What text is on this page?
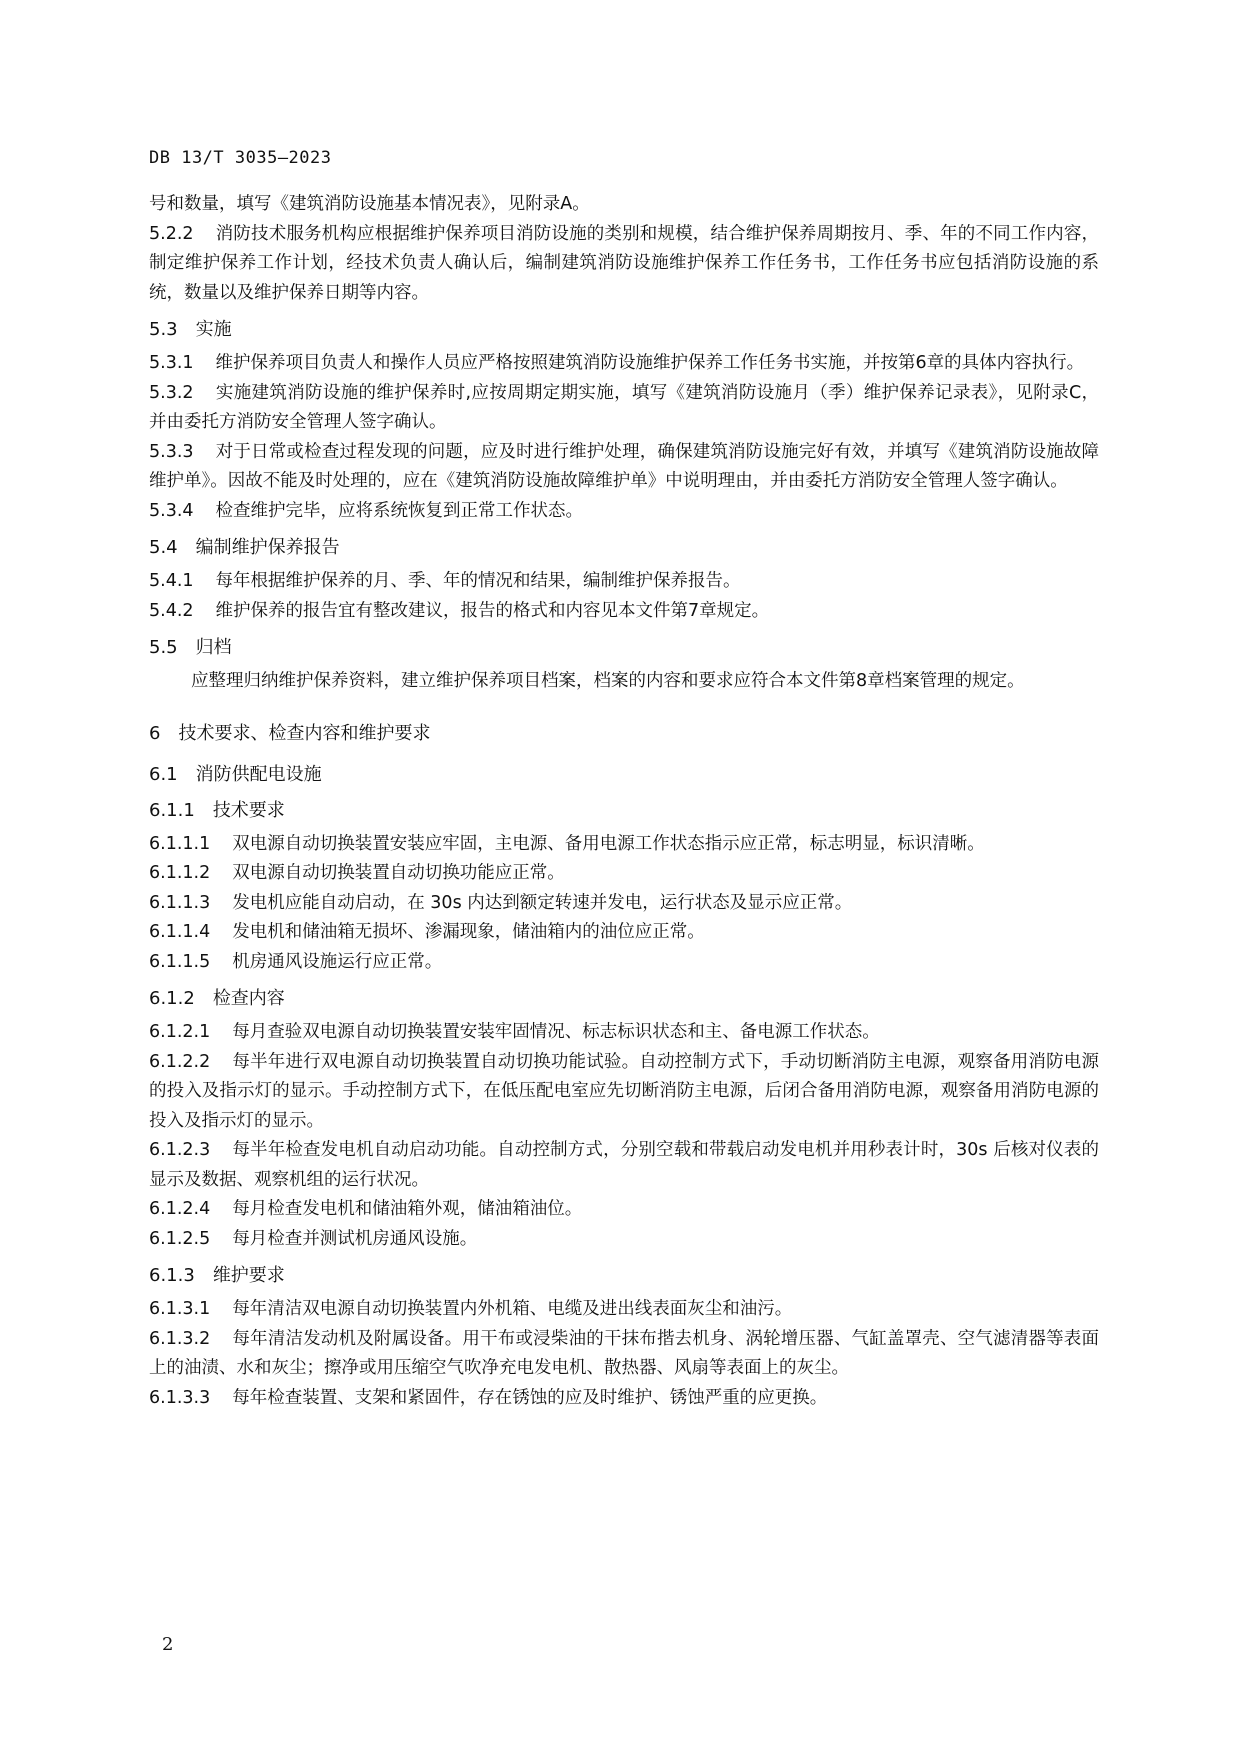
DB 13/T 3035—2023

号和数量，填写《建筑消防设施基本情况表》，见附录A。

5.2.2 消防技术服务机构应根据维护保养项目消防设施的类别和规模，结合维护保养周期按月、季、年的不同工作内容，制定维护保养工作计划，经技术负责人确认后，编制建筑消防设施维护保养工作任务书，工作任务书应包括消防设施的系统，数量以及维护保养日期等内容。

5.3 实施

5.3.1 维护保养项目负责人和操作人员应严格按照建筑消防设施维护保养工作任务书实施，并按第6章的具体内容执行。

5.3.2 实施建筑消防设施的维护保养时,应按周期定期实施，填写《建筑消防设施月（季）维护保养记录表》，见附录C，并由委托方消防安全管理人签字确认。

5.3.3 对于日常或检查过程发现的问题，应及时进行维护处理，确保建筑消防设施完好有效，并填写《建筑消防设施故障维护单》。因故不能及时处理的，应在《建筑消防设施故障维护单》中说明理由，并由委托方消防安全管理人签字确认。

5.3.4 检查维护完毕，应将系统恢复到正常工作状态。

5.4 编制维护保养报告

5.4.1 每年根据维护保养的月、季、年的情况和结果，编制维护保养报告。

5.4.2 维护保养的报告宜有整改建议，报告的格式和内容见本文件第7章规定。

5.5 归档

应整理归纳维护保养资料，建立维护保养项目档案，档案的内容和要求应符合本文件第8章档案管理的规定。

6 技术要求、检查内容和维护要求

6.1 消防供配电设施

6.1.1 技术要求

6.1.1.1 双电源自动切换装置安装应牢固，主电源、备用电源工作状态指示应正常，标志明显，标识清晰。

6.1.1.2 双电源自动切换装置自动切换功能应正常。

6.1.1.3 发电机应能自动启动，在 30s 内达到额定转速并发电，运行状态及显示应正常。

6.1.1.4 发电机和储油箱无损坏、渗漏现象，储油箱内的油位应正常。

6.1.1.5 机房通风设施运行应正常。

6.1.2 检查内容

6.1.2.1 每月查验双电源自动切换装置安装牢固情况、标志标识状态和主、备电源工作状态。

6.1.2.2 每半年进行双电源自动切换装置自动切换功能试验。自动控制方式下，手动切断消防主电源，观察备用消防电源的投入及指示灯的显示。手动控制方式下，在低压配电室应先切断消防主电源，后闭合备用消防电源，观察备用消防电源的投入及指示灯的显示。

6.1.2.3 每半年检查发电机自动启动功能。自动控制方式，分别空载和带载启动发电机并用秒表计时，30s 后核对仪表的显示及数据、观察机组的运行状况。

6.1.2.4 每月检查发电机和储油箱外观，储油箱油位。

6.1.2.5 每月检查并测试机房通风设施。

6.1.3 维护要求

6.1.3.1 每年清洁双电源自动切换装置内外机箱、电缆及进出线表面灰尘和油污。

6.1.3.2 每年清洁发动机及附属设备。用干布或浸柴油的干抹布揩去机身、涡轮增压器、气缸盖罩壳、空气滤清器等表面上的油渍、水和灰尘；擦净或用压缩空气吹净充电发电机、散热器、风扇等表面上的灰尘。

6.1.3.3 每年检查装置、支架和紧固件，存在锈蚀的应及时维护、锈蚀严重的应更换。

2
